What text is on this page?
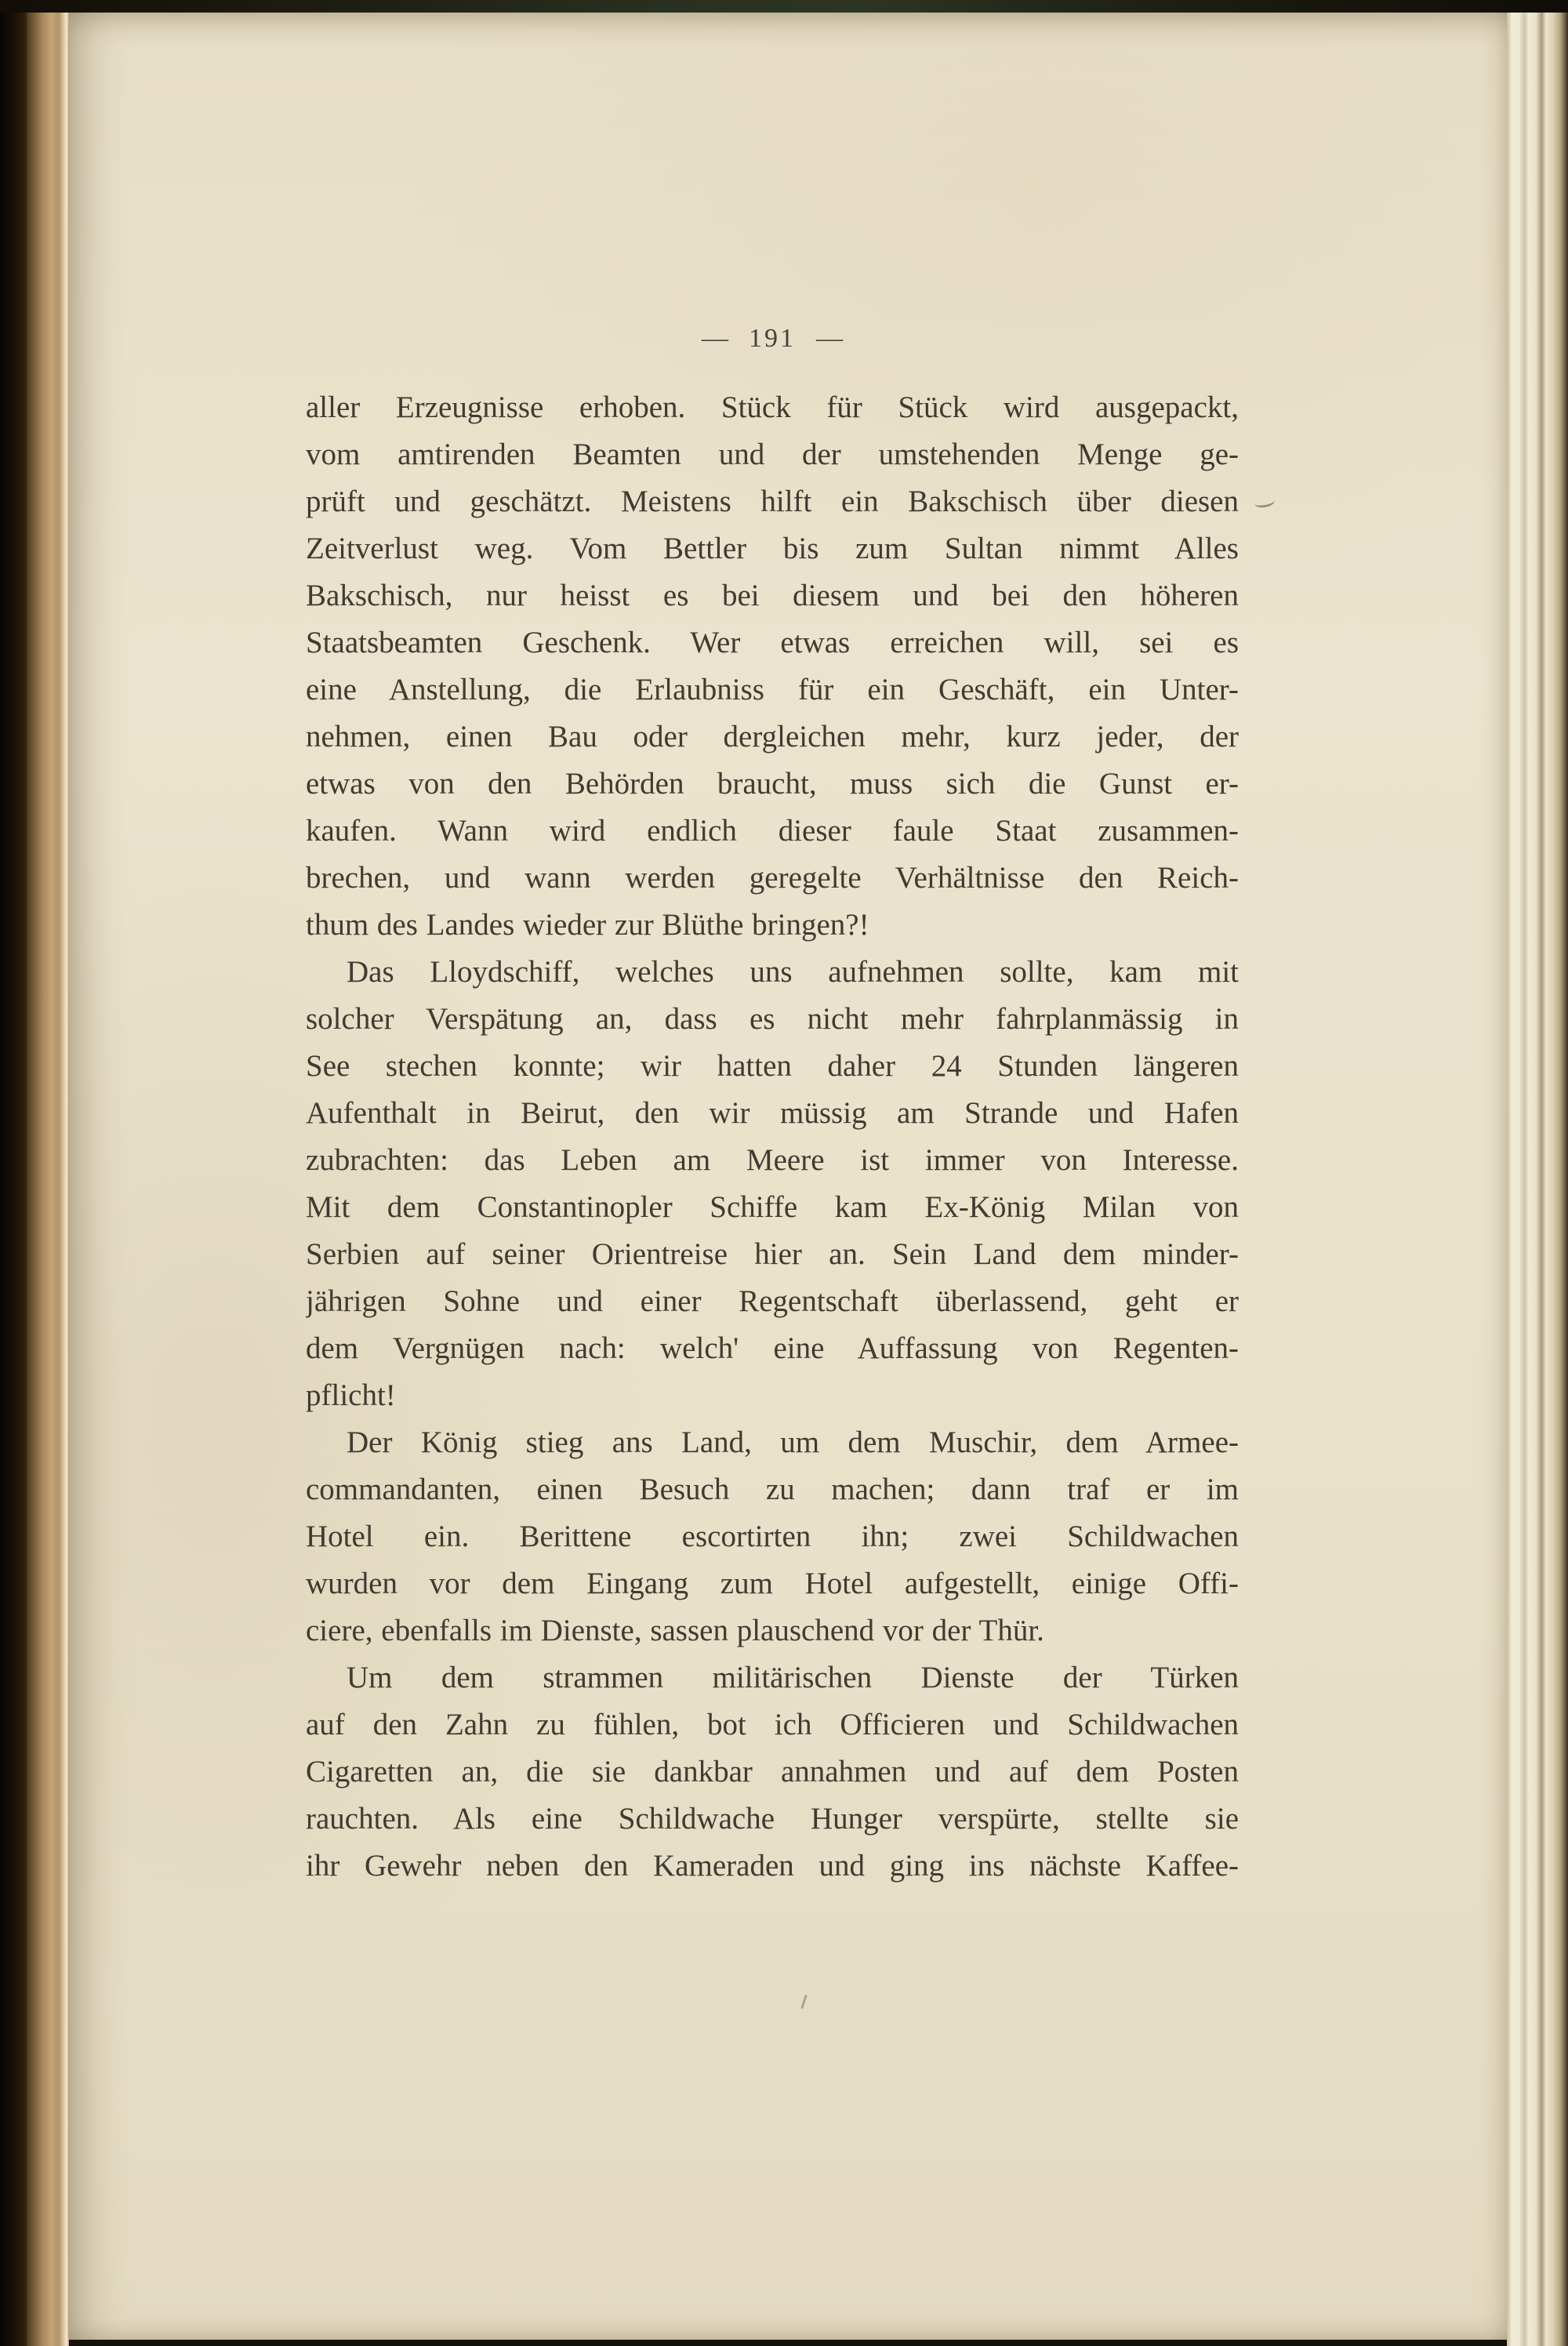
— 191 —
aller Erzeugnisse erhoben. Stück für Stück wird ausgepackt,
vom amtirenden Beamten und der umstehenden Menge ge-
prüft und geschätzt. Meistens hilft ein Bakschisch über diesen
Zeitverlust weg. Vom Bettler bis zum Sultan nimmt Alles
Bakschisch, nur heisst es bei diesem und bei den höheren
Staatsbeamten Geschenk. Wer etwas erreichen will, sei es
eine Anstellung, die Erlaubniss für ein Geschäft, ein Unter-
nehmen, einen Bau oder dergleichen mehr, kurz jeder, der
etwas von den Behörden braucht, muss sich die Gunst er-
kaufen. Wann wird endlich dieser faule Staat zusammen-
brechen, und wann werden geregelte Verhältnisse den Reich-
thum des Landes wieder zur Blüthe bringen?!
Das Lloydschiff, welches uns aufnehmen sollte, kam mit
solcher Verspätung an, dass es nicht mehr fahrplanmässig in
See stechen konnte; wir hatten daher 24 Stunden längeren
Aufenthalt in Beirut, den wir müssig am Strande und Hafen
zubrachten: das Leben am Meere ist immer von Interesse.
Mit dem Constantinopler Schiffe kam Ex-König Milan von
Serbien auf seiner Orientreise hier an. Sein Land dem minder-
jährigen Sohne und einer Regentschaft überlassend, geht er
dem Vergnügen nach: welch' eine Auffassung von Regenten-
pflicht!
Der König stieg ans Land, um dem Muschir, dem Armee-
commandanten, einen Besuch zu machen; dann traf er im
Hotel ein. Berittene escortirten ihn; zwei Schildwachen
wurden vor dem Eingang zum Hotel aufgestellt, einige Offi-
ciere, ebenfalls im Dienste, sassen plauschend vor der Thür.
Um dem strammen militärischen Dienste der Türken
auf den Zahn zu fühlen, bot ich Officieren und Schildwachen
Cigaretten an, die sie dankbar annahmen und auf dem Posten
rauchten. Als eine Schildwache Hunger verspürte, stellte sie
ihr Gewehr neben den Kameraden und ging ins nächste Kaffee-
